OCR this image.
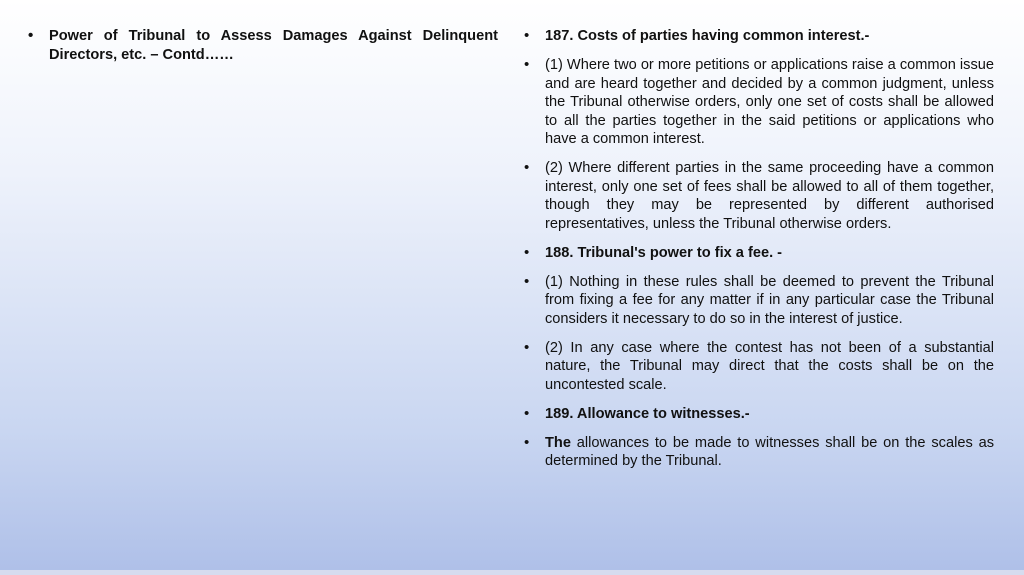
• Power of Tribunal to Assess Damages Against Delinquent Directors, etc. – Contd……
• 187. Costs of parties having common interest.-
• (1) Where two or more petitions or applications raise a common issue and are heard together and decided by a common judgment, unless the Tribunal otherwise orders, only one set of costs shall be allowed to all the parties together in the said petitions or applications who have a common interest.
• (2) Where different parties in the same proceeding have a common interest, only one set of fees shall be allowed to all of them together, though they may be represented by different authorised representatives, unless the Tribunal otherwise orders.
• 188. Tribunal's power to fix a fee. -
• (1) Nothing in these rules shall be deemed to prevent the Tribunal from fixing a fee for any matter if in any particular case the Tribunal considers it necessary to do so in the interest of justice.
• (2) In any case where the contest has not been of a substantial nature, the Tribunal may direct that the costs shall be on the uncontested scale.
• 189. Allowance to witnesses.-
• The allowances to be made to witnesses shall be on the scales as determined by the Tribunal.
